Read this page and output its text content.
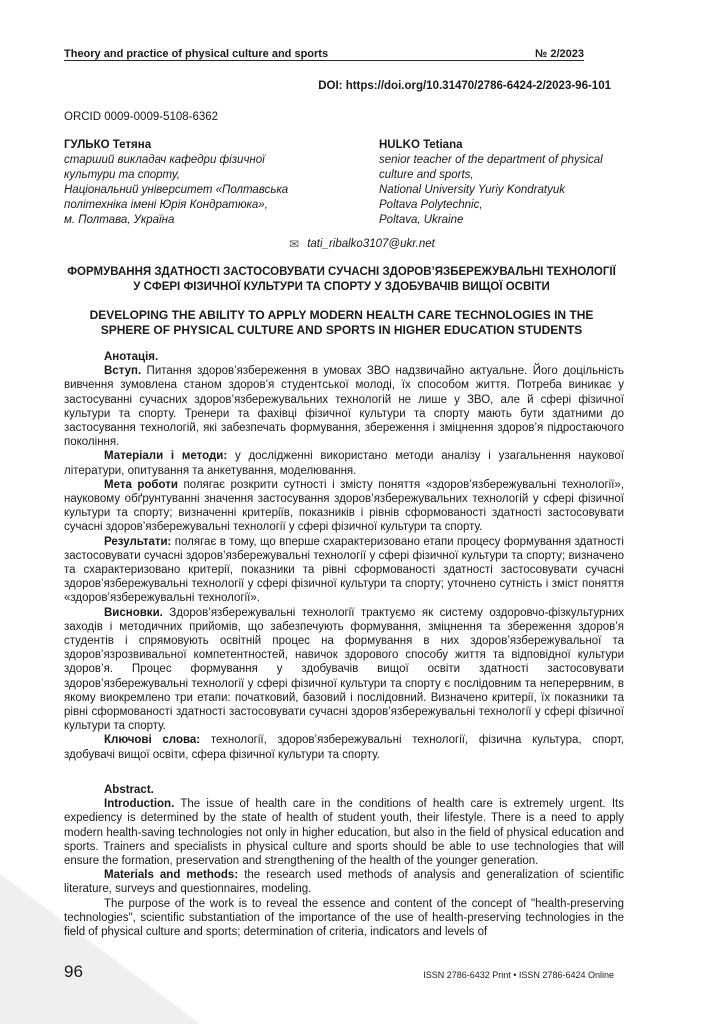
Theory and practice of physical culture and sports	№ 2/2023
DOI: https://doi.org/10.31470/2786-6424-2/2023-96-101
ORCID 0009-0009-5108-6362
ГУЛЬКО Тетяна
старший викладач кафедри фізичної
культури та спорту,
Національний університет «Полтавська
політехніка імені Юрія Кондратюка»,
м. Полтава, Україна
HULKO Tetiana
senior teacher of the department of physical
culture and sports,
National University Yuriy Kondratyuk
Poltava Polytechnic,
Poltava, Ukraine
✉ tati_ribalko3107@ukr.net
ФОРМУВАННЯ ЗДАТНОСТІ ЗАСТОСОВУВАТИ СУЧАСНІ ЗДОРОВ’ЯЗБЕРЕЖУВАЛЬНІ ТЕХНОЛОГІЇ У СФЕРІ ФІЗИЧНОЇ КУЛЬТУРИ ТА СПОРТУ У ЗДОБУВАЧІВ ВИЩОЇ ОСВІТИ
DEVELOPING THE ABILITY TO APPLY MODERN HEALTH CARE TECHNOLOGIES IN THE SPHERE OF PHYSICAL CULTURE AND SPORTS IN HIGHER EDUCATION STUDENTS

Анотація.

Вступ. Питання здоров’язбереження в умовах ЗВО надзвичайно актуальне. Його доцільність вивчення зумовлена станом здоров’я студентської молоді, їх способом життя. Потреба виникає у застосуванні сучасних здоров’язбережувальних технологій не лише у ЗВО, але й сфері фізичної культури та спорту. Тренери та фахівці фізичної культури та спорту мають бути здатними до застосування технологій, які забезпечать формування, збереження і зміцнення здоров’я підростаючого покоління.

Матеріали і методи: у дослідженні використано методи аналізу і узагальнення наукової літератури, опитування та анкетування, моделювання.

Мета роботи полягає розкрити сутності і змісту поняття «здоров’язбережувальні технології», науковому обґрунтуванні значення застосування здоров’язбережувальних технологій у сфері фізичної культури та спорту; визначенні критеріїв, показників і рівнів сформованості здатності застосовувати сучасні здоров’язбережувальні технології у сфері фізичної культури та спорту.

Результати: полягає в тому, що вперше схарактеризовано етапи процесу формування здатності застосовувати сучасні здоров’язбережувальні технології у сфері фізичної культури та спорту; визначено та схарактеризовано критерії, показники та рівні сформованості здатності застосовувати сучасні здоров’язбережувальні технології у сфері фізичної культури та спорту; уточнено сутність і зміст поняття «здоров’язбережувальні технології».

Висновки. Здоров’язбережувальні технології трактуємо як систему оздоровчо-фізкультурних заходів і методичних прийомів, що забезпечують формування, зміцнення та збереження здоров’я студентів і спрямовують освітній процес на формування в них здоров’язбережувальної та здоров’язрозвивальної компетентностей, навичок здорового способу життя та відповідної культури здоров’я. Процес формування у здобувачів вищої освіти здатності застосовувати здоров’язбережувальні технології у сфері фізичної культури та спорту є послідовним та неперервним, в якому виокремлено три етапи: початковий, базовий і послідовний. Визначено критерії, їх показники та рівні сформованості здатності застосовувати сучасні здоров’язбережувальні технології у сфері фізичної культури та спорту.

Ключові слова: технології, здоров’язбережувальні технології, фізична культура, спорт, здобувачі вищої освіти, сфера фізичної культури та спорту.

Abstract.

Introduction. The issue of health care in the conditions of health care is extremely urgent. Its expediency is determined by the state of health of student youth, their lifestyle. There is a need to apply modern health-saving technologies not only in higher education, but also in the field of physical education and sports. Trainers and specialists in physical culture and sports should be able to use technologies that will ensure the formation, preservation and strengthening of the health of the younger generation.

Materials and methods: the research used methods of analysis and generalization of scientific literature, surveys and questionnaires, modeling.

The purpose of the work is to reveal the essence and content of the concept of "health-preserving technologies", scientific substantiation of the importance of the use of health-preserving technologies in the field of physical culture and sports; determination of criteria, indicators and levels of

96	ISSN 2786-6432 Print • ISSN 2786-6424 Online
